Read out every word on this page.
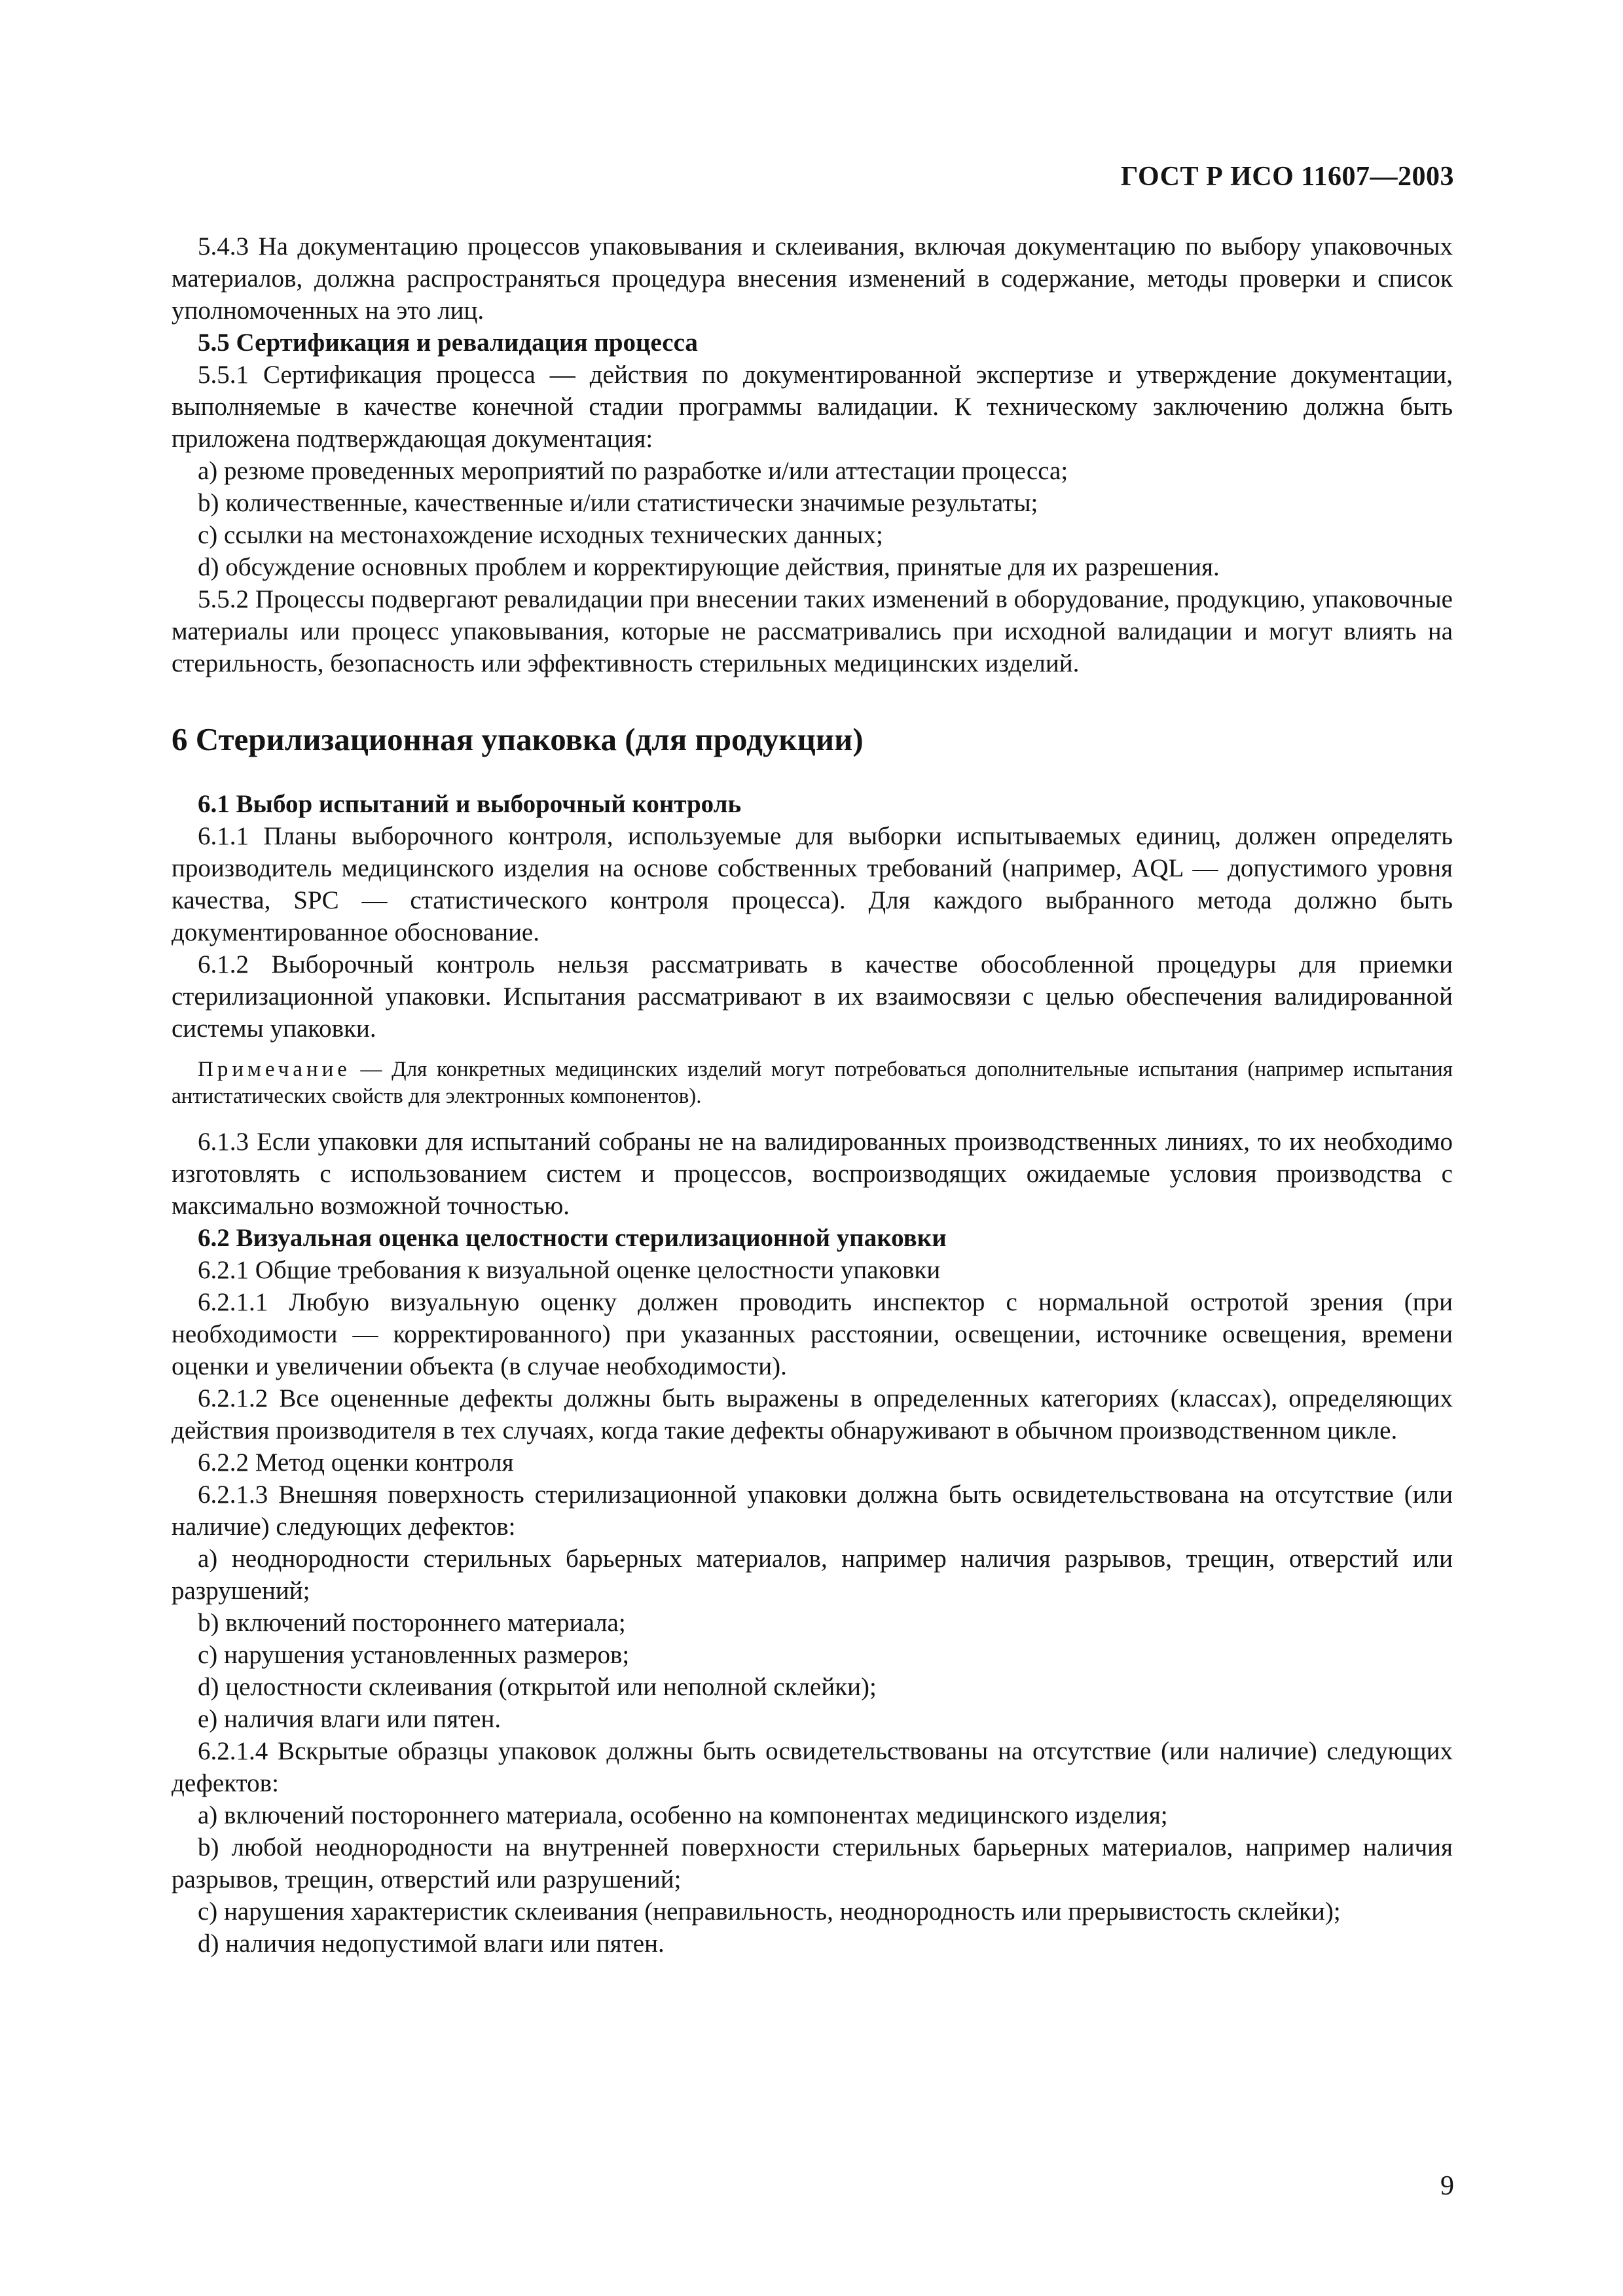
ГОСТ Р ИСО 11607—2003

5.4.3 На документацию процессов упаковывания и склеивания, включая документацию по выбору упаковочных материалов, должна распространяться процедура внесения изменений в содержание, методы проверки и список уполномоченных на это лиц.

5.5 Сертификация и ревалидация процесса

5.5.1 Сертификация процесса — действия по документированной экспертизе и утверждение документации, выполняемые в качестве конечной стадии программы валидации. К техническому заключению должна быть приложена подтверждающая документация:

a) резюме проведенных мероприятий по разработке и/или аттестации процесса;

b) количественные, качественные и/или статистически значимые результаты;

c) ссылки на местонахождение исходных технических данных;

d) обсуждение основных проблем и корректирующие действия, принятые для их разрешения.

5.5.2 Процессы подвергают ревалидации при внесении таких изменений в оборудование, продукцию, упаковочные материалы или процесс упаковывания, которые не рассматривались при исходной валидации и могут влиять на стерильность, безопасность или эффективность стерильных медицинских изделий.

6 Стерилизационная упаковка (для продукции)

6.1 Выбор испытаний и выборочный контроль

6.1.1 Планы выборочного контроля, используемые для выборки испытываемых единиц, должен определять производитель медицинского изделия на основе собственных требований (например, AQL — допустимого уровня качества, SPC — статистического контроля процесса). Для каждого выбранного метода должно быть документированное обоснование.

6.1.2 Выборочный контроль нельзя рассматривать в качестве обособленной процедуры для приемки стерилизационной упаковки. Испытания рассматривают в их взаимосвязи с целью обеспечения валидированной системы упаковки.

Примечание — Для конкретных медицинских изделий могут потребоваться дополнительные испытания (например испытания антистатических свойств для электронных компонентов).

6.1.3 Если упаковки для испытаний собраны не на валидированных производственных линиях, то их необходимо изготовлять с использованием систем и процессов, воспроизводящих ожидаемые условия производства с максимально возможной точностью.

6.2 Визуальная оценка целостности стерилизационной упаковки

6.2.1 Общие требования к визуальной оценке целостности упаковки

6.2.1.1 Любую визуальную оценку должен проводить инспектор с нормальной остротой зрения (при необходимости — корректированного) при указанных расстоянии, освещении, источнике освещения, времени оценки и увеличении объекта (в случае необходимости).

6.2.1.2 Все оцененные дефекты должны быть выражены в определенных категориях (классах), определяющих действия производителя в тех случаях, когда такие дефекты обнаруживают в обычном производственном цикле.

6.2.2 Метод оценки контроля

6.2.1.3 Внешняя поверхность стерилизационной упаковки должна быть освидетельствована на отсутствие (или наличие) следующих дефектов:

a) неоднородности стерильных барьерных материалов, например наличия разрывов, трещин, отверстий или разрушений;

b) включений постороннего материала;

c) нарушения установленных размеров;

d) целостности склеивания (открытой или неполной склейки);

e) наличия влаги или пятен.

6.2.1.4 Вскрытые образцы упаковок должны быть освидетельствованы на отсутствие (или наличие) следующих дефектов:

a) включений постороннего материала, особенно на компонентах медицинского изделия;

b) любой неоднородности на внутренней поверхности стерильных барьерных материалов, например наличия разрывов, трещин, отверстий или разрушений;

c) нарушения характеристик склеивания (неправильность, неоднородность или прерывистость склейки);

d) наличия недопустимой влаги или пятен.

9
